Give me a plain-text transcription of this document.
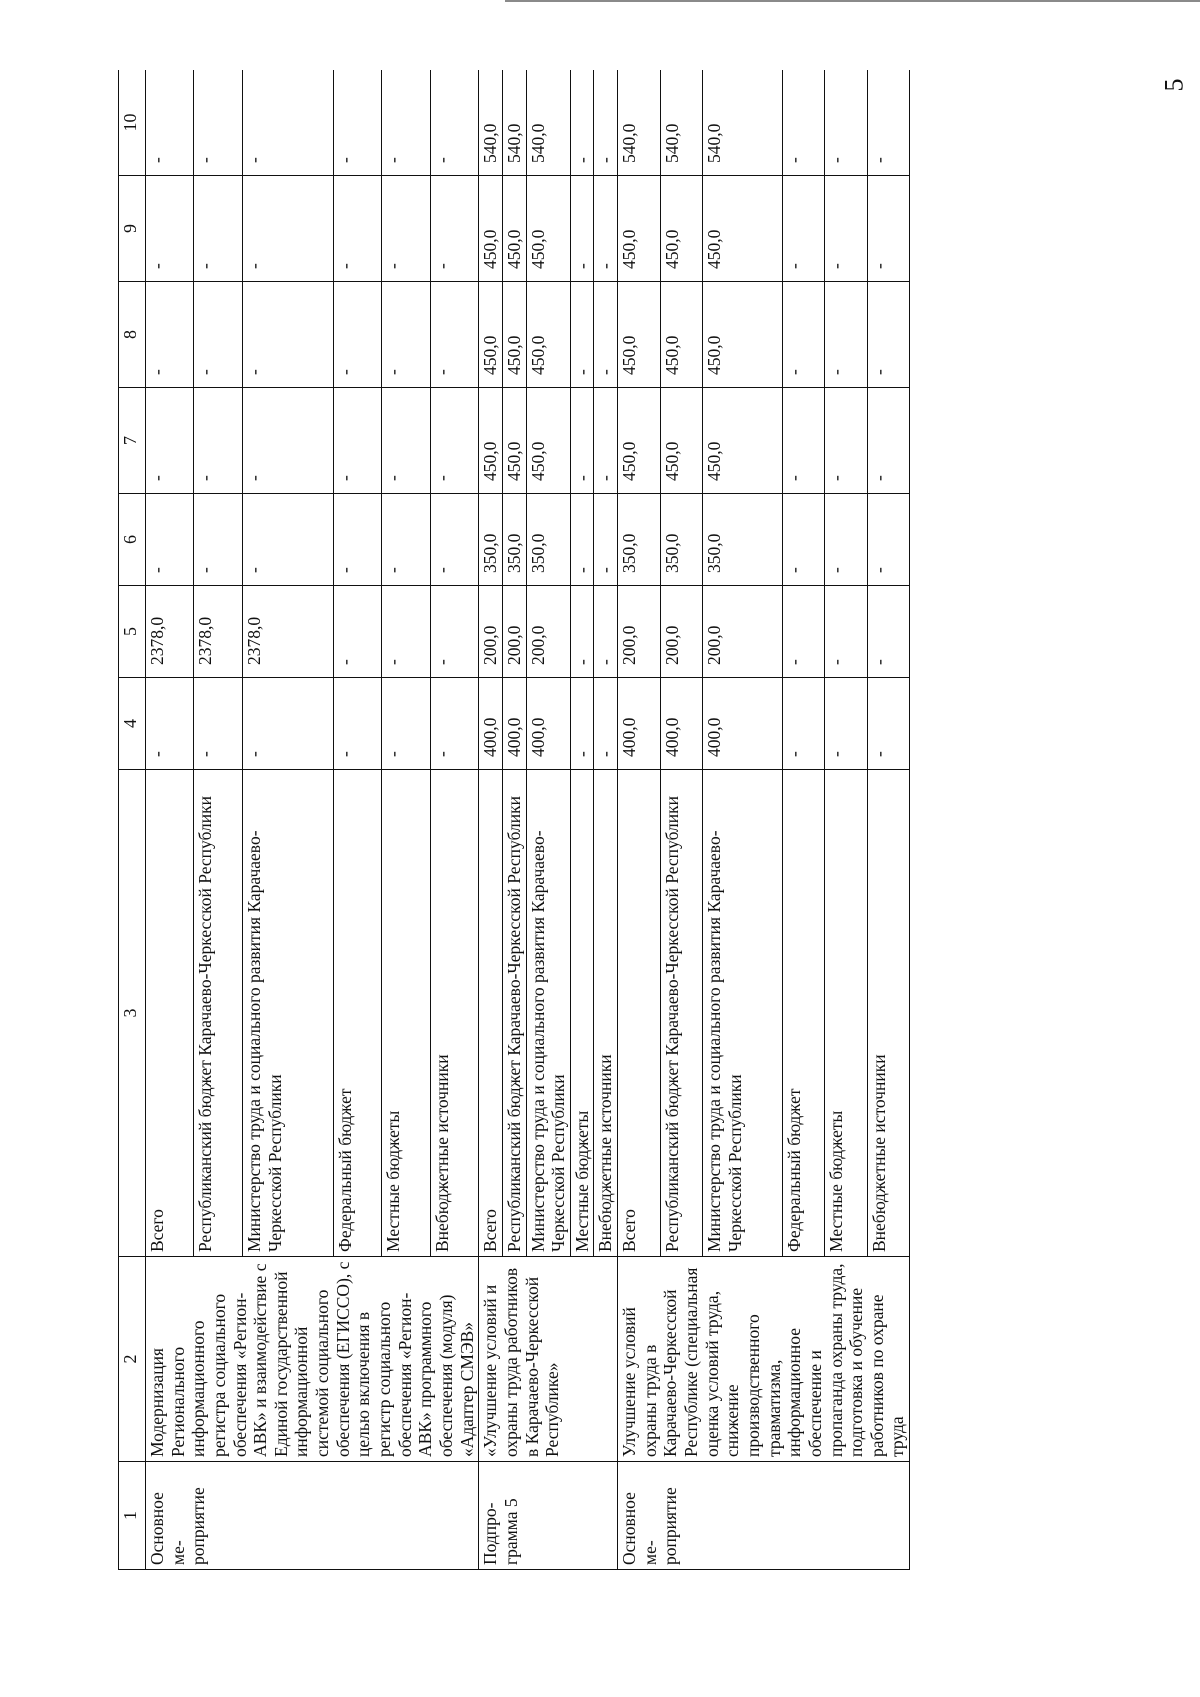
5
1	2	3	4	5	6	7	8	9	10
Основное ме-роприятие	Модернизация Регионального информационного регистра социального обеспечения «Регион-АВК» и взаимодействие с Единой государственной информационной системой социального обеспечения (ЕГИССО), с целью включения в регистр социального обеспечения «Регион-АВК» программного обеспечения (модуля) «Адаптер СМЭВ»	Всего	-	2378,0	-	-	-	-	-
		Республиканский бюджет Карачаево-Черкесской Республики	-	2378,0	-	-	-	-	-
		Министерство труда и социального развития Карачаево-Черкесской Республики	-	2378,0	-	-	-	-	-
		Федеральный бюджет	-	-	-	-	-	-	-
		Местные бюджеты	-	-	-	-	-	-	-
		Внебюджетные источники	-	-	-	-	-	-	-
Подпро-грамма 5	«Улучшение условий и охраны труда работников в Карачаево-Черкесской Республике»	Всего	400,0	200,0	350,0	450,0	450,0	450,0	540,0
		Республиканский бюджет Карачаево-Черкесской Республики	400,0	200,0	350,0	450,0	450,0	450,0	540,0
		Министерство труда и социального развития Карачаево-Черкесской Республики	400,0	200,0	350,0	450,0	450,0	450,0	540,0
		Местные бюджеты	-	-	-	-	-	-	-
		Внебюджетные источники	-	-	-	-	-	-	-
Основное ме-роприятие	Улучшение условий охраны труда в Карачаево-Черкесской Республике (специальная оценка условий труда, снижение производственного травматизма, информационное обеспечение и пропаганда охраны труда, подготовка и обучение работников по охране труда	Всего	400,0	200,0	350,0	450,0	450,0	450,0	540,0
		Республиканский бюджет Карачаево-Черкесской Республики	400,0	200,0	350,0	450,0	450,0	450,0	540,0
		Министерство труда и социального развития Карачаево-Черкесской Республики	400,0	200,0	350,0	450,0	450,0	450,0	540,0
		Федеральный бюджет	-	-	-	-	-	-	-
		Местные бюджеты	-	-	-	-	-	-	-
		Внебюджетные источники	-	-	-	-	-	-	-
